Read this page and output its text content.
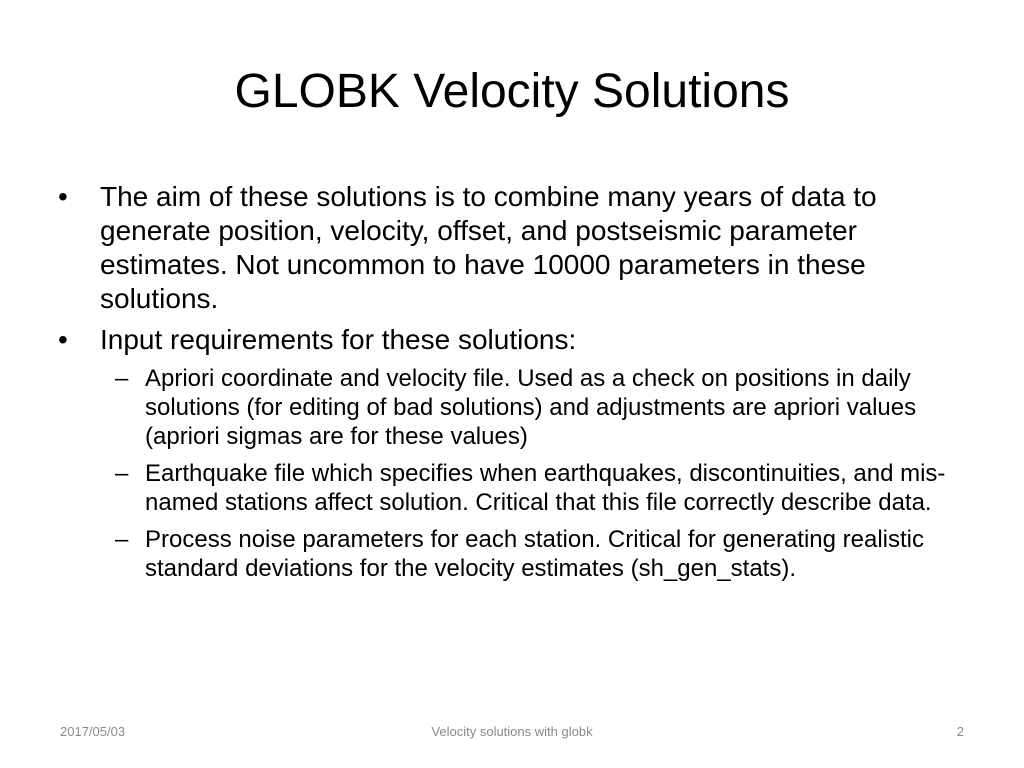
GLOBK Velocity Solutions
• The aim of these solutions is to combine many years of data to generate position, velocity, offset, and postseismic parameter estimates. Not uncommon to have 10000 parameters in these solutions.
• Input requirements for these solutions:
– Apriori coordinate and velocity file. Used as a check on positions in daily solutions (for editing of bad solutions) and adjustments are apriori values (apriori sigmas are for these values)
– Earthquake file which specifies when earthquakes, discontinuities, and mis-named stations affect solution. Critical that this file correctly describe data.
– Process noise parameters for each station. Critical for generating realistic standard deviations for the velocity estimates (sh_gen_stats).
2017/05/03	Velocity solutions with globk	2
